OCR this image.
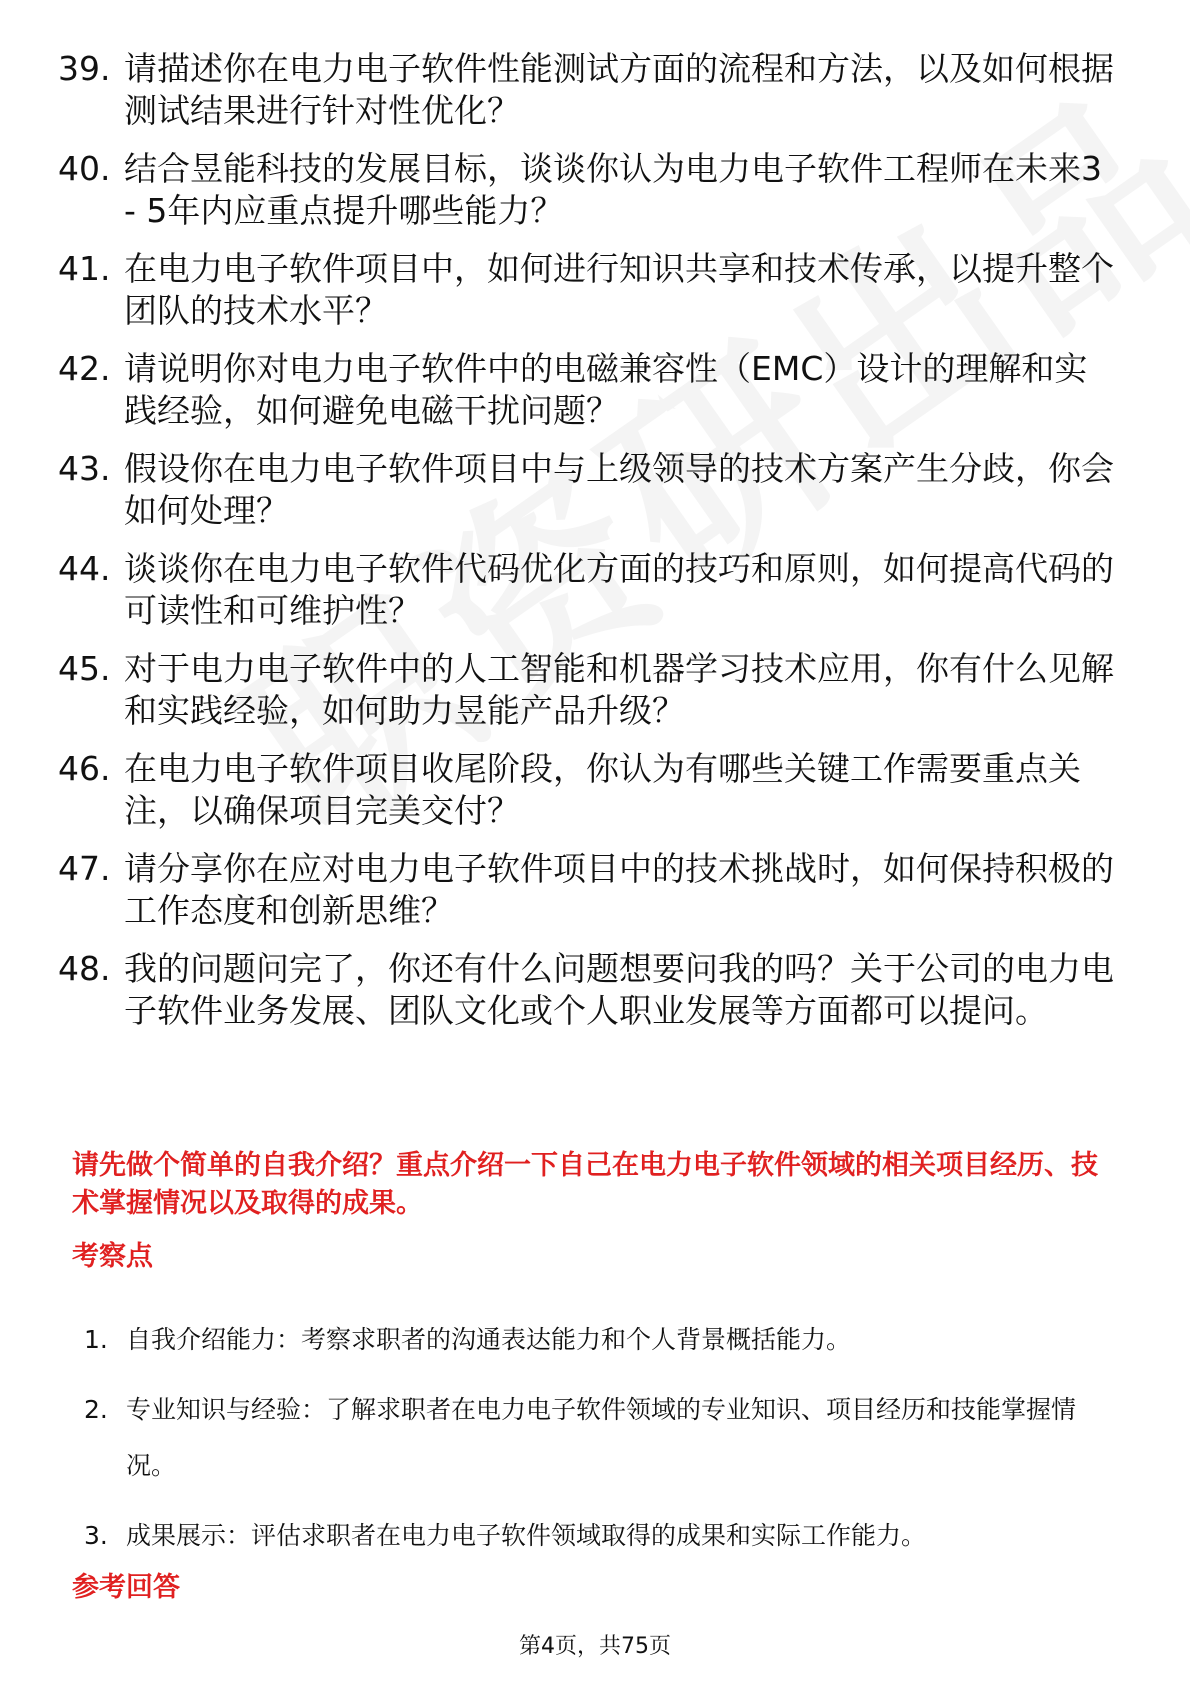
39. 请描述你在电力电子软件性能测试方面的流程和方法，以及如何根据测试结果进行针对性优化？
40. 结合昱能科技的发展目标，谈谈你认为电力电子软件工程师在未来3 - 5年内应重点提升哪些能力？
41. 在电力电子软件项目中，如何进行知识共享和技术传承，以提升整个团队的技术水平？
42. 请说明你对电力电子软件中的电磁兼容性（EMC）设计的理解和实践经验，如何避免电磁干扰问题？
43. 假设你在电力电子软件项目中与上级领导的技术方案产生分歧，你会如何处理？
44. 谈谈你在电力电子软件代码优化方面的技巧和原则，如何提高代码的可读性和可维护性？
45. 对于电力电子软件中的人工智能和机器学习技术应用，你有什么见解和实践经验，如何助力昱能产品升级？
46. 在电力电子软件项目收尾阶段，你认为有哪些关键工作需要重点关注，以确保项目完美交付？
47. 请分享你在应对电力电子软件项目中的技术挑战时，如何保持积极的工作态度和创新思维？
48. 我的问题问完了，你还有什么问题想要问我的吗？关于公司的电力电子软件业务发展、团队文化或个人职业发展等方面都可以提问。

请先做个简单的自我介绍？重点介绍一下自己在电力电子软件领域的相关项目经历、技术掌握情况以及取得的成果。

考察点
1. 自我介绍能力：考察求职者的沟通表达能力和个人背景概括能力。
2. 专业知识与经验：了解求职者在电力电子软件领域的专业知识、项目经历和技能掌握情况。
3. 成果展示：评估求职者在电力电子软件领域取得的成果和实际工作能力。
参考回答
第4页，共75页
